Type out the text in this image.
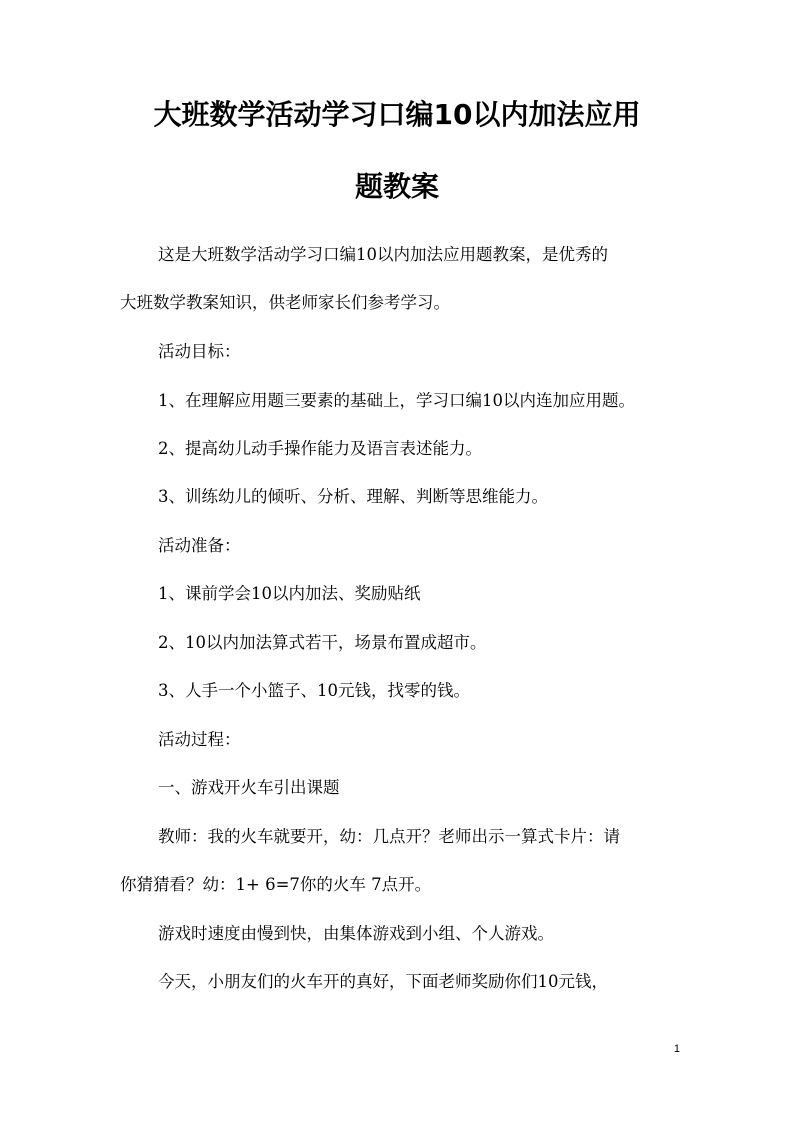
大班数学活动学习口编10以内加法应用
题教案
这是大班数学活动学习口编10以内加法应用题教案，是优秀的
大班数学教案知识，供老师家长们参考学习。
活动目标：
1、在理解应用题三要素的基础上，学习口编10以内连加应用题。
2、提高幼儿动手操作能力及语言表述能力。
3、训练幼儿的倾听、分析、理解、判断等思维能力。
活动准备：
1、课前学会10以内加法、奖励贴纸
2、10以内加法算式若干，场景布置成超市。
3、人手一个小篮子、10元钱，找零的钱。
活动过程：
一、游戏开火车引出课题
教师：我的火车就要开，幼：几点开？老师出示一算式卡片：请
你猜猜看？幼：1+ 6=7你的火车 7点开。
游戏时速度由慢到快，由集体游戏到小组、个人游戏。
今天，小朋友们的火车开的真好，下面老师奖励你们10元钱，
1
